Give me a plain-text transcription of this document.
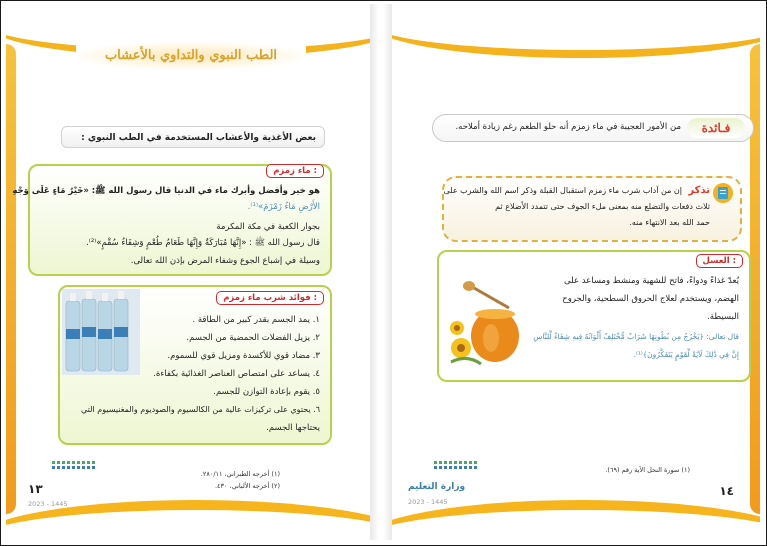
الطب النبوي والتداوي بالأعشاب
بعض الأغذية والأعشاب المستخدمة في الطب النبوي :
ماء زمزم :
هو خير وأفضل وأبرك ماء في الدنيا قال رسول الله ﷺ: «خَيْرُ مَاءٍ عَلَى وَجْهِ
الأَرْضِ مَاءُ زَمْزَمَ»⁽¹⁾.
بجوار الكعبة في مكة المكرمة
قال رسول الله ﷺ : «إِنَّهَا مُبَارَكَةٌ وَإِنَّهَا طَعَامُ طُعْمٍ وَشِفَاءُ سُقْمٍ»⁽²⁾.
وسيلة في إشباع الجوع وشفاء المرض بإذن الله تعالى.
فوائد شرب ماء زمزم :
١. يمد الجسم بقدر كبير من الطاقة .
٢. يزيل الفضلات الحمضية من الجسم.
٣. مضاد قوي للأكسدة ومزيل قوي للسموم.
٤. يساعد على امتصاص العناصر الغذائية بكفاءة.
٥. يقوم بإعادة التوازن للجسم.
٦. يحتوي على تركيزات عالية من الكالسيوم والصوديوم والمغنيسيوم التي
يحتاجها الجسم.
(١) أخرجه الطبراني، ٢٨٠/١١.
(٢) أخرجه الألباني، ٤٣٠.
١٣
2023 - 1445
فـائدة
من الأمور العجيبة في ماء زمزم أنه حلو الطعم رغم زيادة أملاحه.
تذكر
إن من آداب شرب ماء زمزم استقبال القبلة وذكر اسم الله والشرب على
ثلاث دفعات والتضلع منه بمعنى ملء الجوف حتى تتمدد الأضلاع ثم
حمد الله بعد الانتهاء منه.
العسل :
يُعدّ غذاءً ودواءً، فاتح للشهية ومنشط ومساعد على
الهضم، ويستخدم لعلاج الحروق السطحية، والجروح
البسيطة.
قال تعالى: ﴿يَخْرُجُ مِن بُطُونِهَا شَرَابٌ مُّخْتَلِفٌ أَلْوَانُهُ فِيهِ شِفَاءٌ لِّلنَّاسِ
إِنَّ فِي ذَٰلِكَ لَآيَةً لِّقَوْمٍ يَتَفَكَّرُونَ﴾⁽¹⁾.
(١) سورة النحل الآية رقم (٦٩).
وزارة التعليم
2023 - 1445
١٤
